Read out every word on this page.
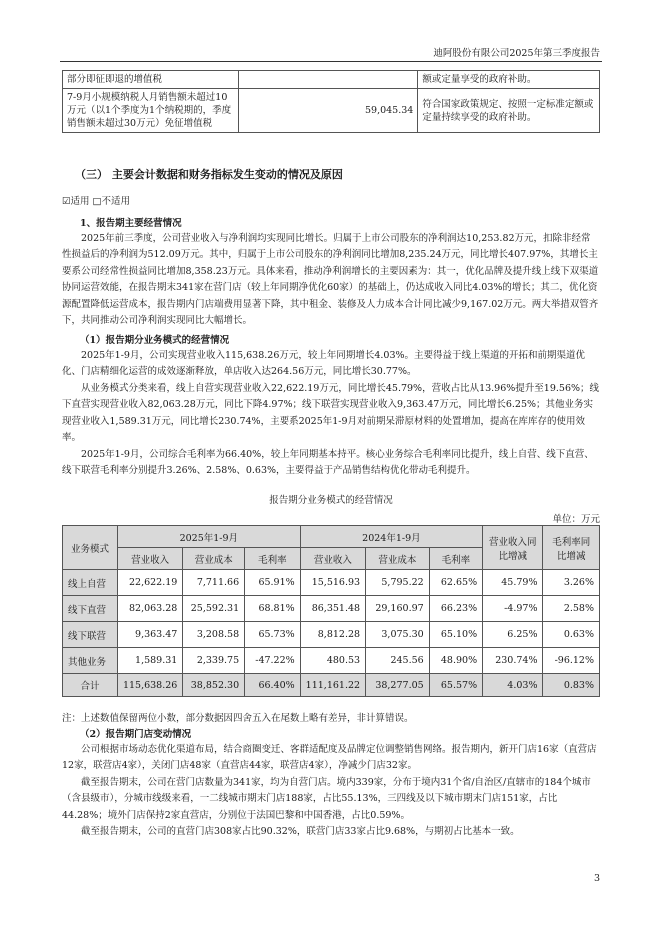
迪阿股份有限公司2025年第三季度报告
部分即征即退的增值税		额或定量享受的政府补助。
7-9月小规模纳税人月销售额未超过10万元（以1个季度为1个纳税期的，季度销售额未超过30万元）免征增值税	59,045.34	符合国家政策规定、按照一定标准定额或定量持续享受的政府补助。
（三） 主要会计数据和财务指标发生变动的情况及原因
☑适用 □不适用
1、报告期主要经营情况

2025年前三季度，公司营业收入与净利润均实现同比增长。归属于上市公司股东的净利润达10,253.82万元，扣除非经常性损益后的净利润为512.09万元。其中，归属于上市公司股东的净利润同比增加8,235.24万元，同比增长407.97%，其增长主要系公司经常性损益同比增加8,358.23万元。具体来看，推动净利润增长的主要因素为：其一，优化品牌及提升线上线下双渠道协同运营效能，在报告期末341家在营门店（较上年同期净优化60家）的基础上，仍达成收入同比4.03%的增长；其二，优化资源配置降低运营成本，报告期内门店端费用显著下降，其中租金、装修及人力成本合计同比减少9,167.02万元。两大举措双管齐下，共同推动公司净利润实现同比大幅增长。

（1）报告期分业务模式的经营情况

2025年1-9月，公司实现营业收入115,638.26万元，较上年同期增长4.03%。主要得益于线上渠道的开拓和前期渠道优化、门店精细化运营的成效逐渐释放，单店收入达264.56万元，同比增长30.77%。

从业务模式分类来看，线上自营实现营业收入22,622.19万元，同比增长45.79%，营收占比从13.96%提升至19.56%；线下直营实现营业收入82,063.28万元，同比下降4.97%；线下联营实现营业收入9,363.47万元，同比增长6.25%；其他业务实现营业收入1,589.31万元，同比增长230.74%，主要系2025年1-9月对前期呆滞原材料的处置增加，提高在库库存的使用效率。

2025年1-9月，公司综合毛利率为66.40%，较上年同期基本持平。核心业务综合毛利率同比提升，线上自营、线下直营、线下联营毛利率分别提升3.26%、2.58%、0.63%，主要得益于产品销售结构优化带动毛利提升。

报告期分业务模式的经营情况
单位：万元
业务模式	2025年1-9月			2024年1-9月			营业收入同比增减	毛利率同比增减
	营业收入	营业成本	毛利率	营业收入	营业成本	毛利率		
线上自营	22,622.19	7,711.66	65.91%	15,516.93	5,795.22	62.65%	45.79%	3.26%
线下直营	82,063.28	25,592.31	68.81%	86,351.48	29,160.97	66.23%	-4.97%	2.58%
线下联营	9,363.47	3,208.58	65.73%	8,812.28	3,075.30	65.10%	6.25%	0.63%
其他业务	1,589.31	2,339.75	-47.22%	480.53	245.56	48.90%	230.74%	-96.12%
合计	115,638.26	38,852.30	66.40%	111,161.22	38,277.05	65.57%	4.03%	0.83%
注：上述数值保留两位小数，部分数据因四舍五入在尾数上略有差异，非计算错误。
（2）报告期门店变动情况

公司根据市场动态优化渠道布局，结合商圈变迁、客群适配度及品牌定位调整销售网络。报告期内，新开门店16家（直营店12家，联营店4家），关闭门店48家（直营店44家，联营店4家），净减少门店32家。

截至报告期末，公司在营门店数量为341家，均为自营门店。境内339家，分布于境内31个省/自治区/直辖市的184个城市（含县级市），分城市线级来看，一二线城市期末门店188家，占比55.13%，三四线及以下城市期末门店151家，占比44.28%；境外门店保持2家直营店，分别位于法国巴黎和中国香港，占比0.59%。

截至报告期末，公司的直营门店308家占比90.32%，联营门店33家占比9.68%，与期初占比基本一致。

3
